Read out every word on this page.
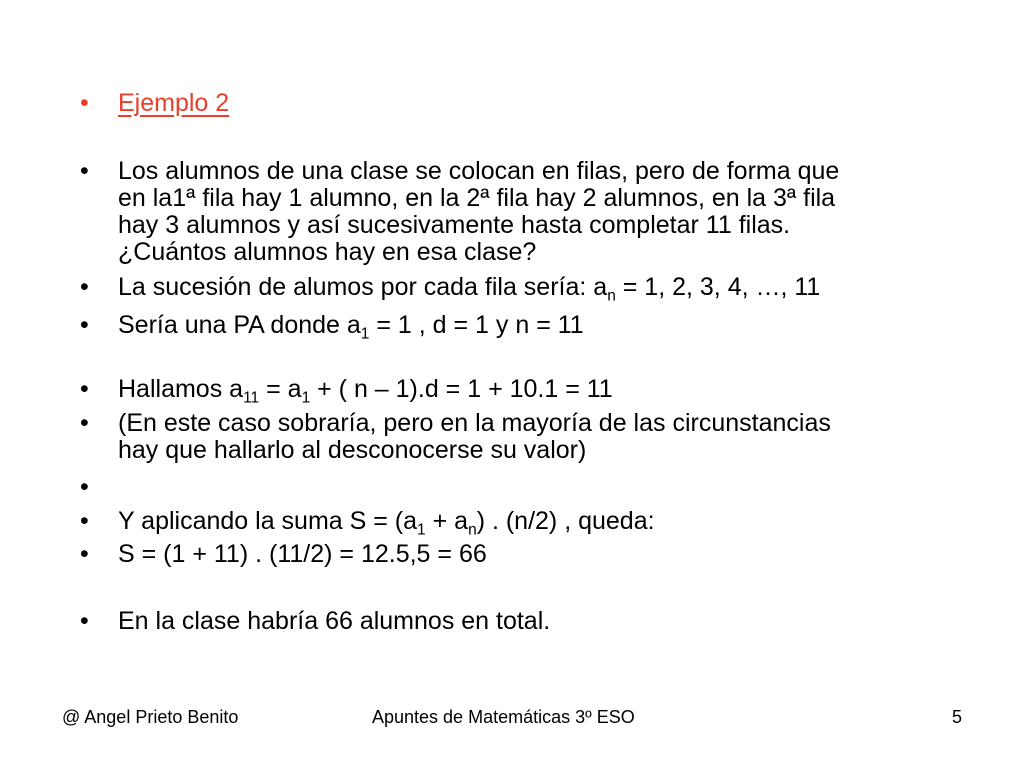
•	Ejemplo 2
•	Los alumnos de una clase se colocan en filas, pero de forma que
en la1ª fila hay 1 alumno, en la 2ª fila hay 2 alumnos, en la 3ª fila
hay 3 alumnos y así sucesivamente hasta completar 11 filas.
¿Cuántos alumnos hay en esa clase?
•	La sucesión de alumos por cada fila sería: $a_n = 1$, 2, 3, 4, …, 11
•	Sería una PA donde $a_1 = 1$ , d = 1 y n = 11
•	Hallamos $a_{11} = a_1$ + ( n – 1).d = 1 + 10.1 = 11
•	(En este caso sobraría, pero en la mayoría de las circunstancias
hay que hallarlo al desconocerse su valor)
•
•	Y aplicando la suma $S = (a_1 + a_n)$ . (n/2) , queda:
•	S = (1 + 11) . (11/2) = 12.5,5 = 66
•	En la clase habría 66 alumnos en total.
@ Angel Prieto Benito	Apuntes de Matemáticas 3º ESO	5
